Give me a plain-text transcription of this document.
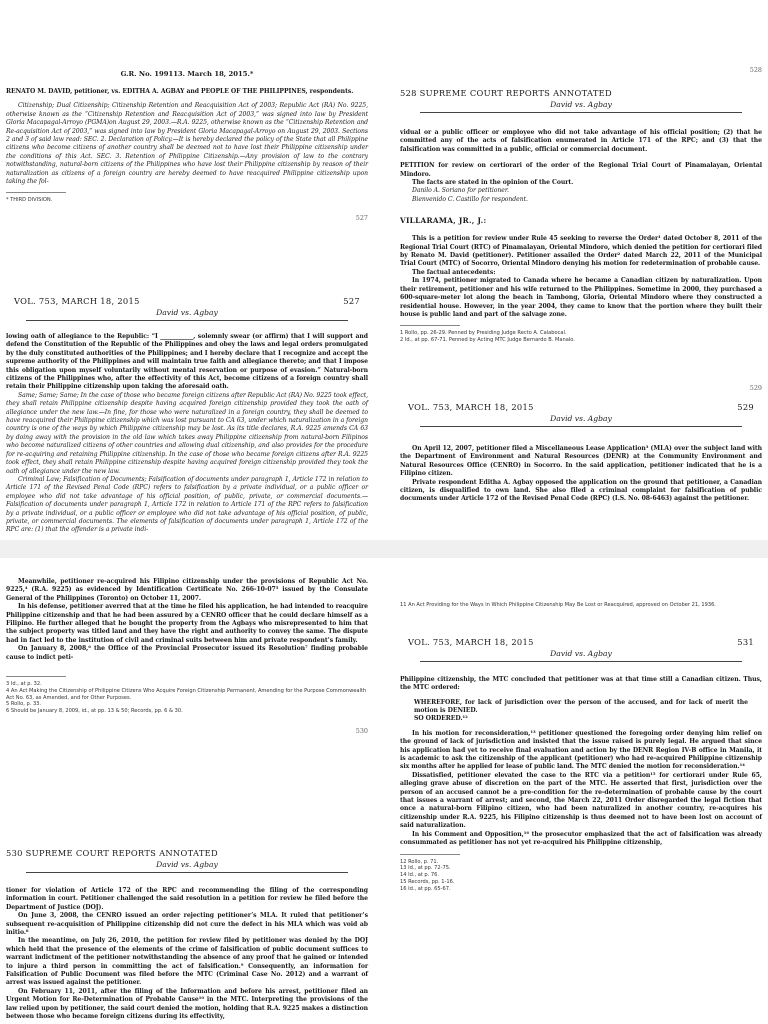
G.R. No. 199113. March 18, 2015.*

RENATO M. DAVID, petitioner, vs. EDITHA A. AGBAY and PEOPLE OF THE PHILIPPINES, respondents.

Citizenship; Dual Citizenship; Citizenship Retention and Reacquisition Act of 2003; Republic Act (RA) No. 9225, otherwise known as the “Citizenship Retention and Reacquisition Act of 2003,” was signed into law by President Gloria Macapagal-Arroyo (PGMA)on August 29, 2003.—R.A. 9225, otherwise known as the “Citizenship Retention and Re-acquisition Act of 2003,” was signed into law by President Gloria Macapagal-Arroyo on August 29, 2003. Sections 2 and 3 of said law read: SEC. 2. Declaration of Policy.—It is hereby declared the policy of the State that all Philippine citizens who become citizens of another country shall be deemed not to have lost their Philippine citizenship under the conditions of this Act. SEC. 3. Retention of Philippine Citizenship.—Any provision of law to the contrary notwithstanding, natural-born citizens of the Philippines who have lost their Philippine citizenship by reason of their naturalization as citizens of a foreign country are hereby deemed to have reacquired Philippine citizenship upon taking the fol-

* THIRD DIVISION.

527

VOL. 753, MARCH 18, 2015	527

David vs. Agbay

lowing oath of allegiance to the Republic: “I ___________, solemnly swear (or affirm) that I will support and defend the Constitution of the Republic of the Philippines and obey the laws and legal orders promulgated by the duly constituted authorities of the Philippines; and I hereby declare that I recognize and accept the supreme authority of the Philippines and will maintain true faith and allegiance thereto; and that I impose this obligation upon myself voluntarily without mental reservation or purpose of evasion.” Natural-born citizens of the Philippines who, after the effectivity of this Act, become citizens of a foreign country shall retain their Philippine citizenship upon taking the aforesaid oath.

Same; Same; Same; In the case of those who became foreign citizens after Republic Act (RA) No. 9225 took effect, they shall retain Philippine citizenship despite having acquired foreign citizenship provided they took the oath of allegiance under the new law.—In fine, for those who were naturalized in a foreign country, they shall be deemed to have reacquired their Philippine citizenship which was lost pursuant to CA 63, under which naturalization in a foreign country is one of the ways by which Philippine citizenship may be lost. As its title declares, R.A. 9225 amends CA 63 by doing away with the provision in the old law which takes away Philippine citizenship from natural-born Filipinos who become naturalized citizens of other countries and allowing dual citizenship, and also provides for the procedure for re-acquiring and retaining Philippine citizenship. In the case of those who became foreign citizens after R.A. 9225 took effect, they shall retain Philippine citizenship despite having acquired foreign citizenship provided they took the oath of allegiance under the new law.

Criminal Law; Falsification of Documents; Falsification of documents under paragraph 1, Article 172 in relation to Article 171 of the Revised Penal Code (RPC) refers to falsification by a private individual, or a public officer or employee who did not take advantage of his official position, of public, private, or commercial documents.—Falsification of documents under paragraph 1, Article 172 in relation to Article 171 of the RPC refers to falsification by a private individual, or a public officer or employee who did not take advantage of his official position, of public, private, or commercial documents. The elements of falsification of documents under paragraph 1, Article 172 of the RPC are: (1) that the offender is a private indi-

528

528 SUPREME COURT REPORTS ANNOTATED

David vs. Agbay

vidual or a public officer or employee who did not take advantage of his official position; (2) that he committed any of the acts of falsification enumerated in Article 171 of the RPC; and (3) that the falsification was committed in a public, official or commercial document.

PETITION for review on certiorari of the order of the Regional Trial Court of Pinamalayan, Oriental Mindoro.

The facts are stated in the opinion of the Court.

Danilo A. Soriano for petitioner.

Bienvenido C. Castillo for respondent.

VILLARAMA, JR., J.:

This is a petition for review under Rule 45 seeking to reverse the Order¹ dated October 8, 2011 of the Regional Trial Court (RTC) of Pinamalayan, Oriental Mindoro, which denied the petition for certiorari filed by Renato M. David (petitioner). Petitioner assailed the Order² dated March 22, 2011 of the Municipal Trial Court (MTC) of Socorro, Oriental Mindoro denying his motion for redetermination of probable cause.

The factual antecedents:

In 1974, petitioner migrated to Canada where he became a Canadian citizen by naturalization. Upon their retirement, petitioner and his wife returned to the Philippines. Sometime in 2000, they purchased a 600-square-meter lot along the beach in Tambong, Gloria, Oriental Mindoro where they constructed a residential house. However, in the year 2004, they came to know that the portion where they built their house is public land and part of the salvage zone.

1 Rollo, pp. 26-29. Penned by Presiding Judge Recto A. Calabocal.

2 Id., at pp. 67-71. Penned by Acting MTC Judge Bernardo B. Manalo.

529

VOL. 753, MARCH 18, 2015	529

David vs. Agbay

On April 12, 2007, petitioner filed a Miscellaneous Lease Application³ (MLA) over the subject land with the Department of Environment and Natural Resources (DENR) at the Community Environment and Natural Resources Office (CENRO) in Socorro. In the said application, petitioner indicated that he is a Filipino citizen.

Private respondent Editha A. Agbay opposed the application on the ground that petitioner, a Canadian citizen, is disqualified to own land. She also filed a criminal complaint for falsification of public documents under Article 172 of the Revised Penal Code (RPC) (I.S. No. 08-6463) against the petitioner.

Meanwhile, petitioner re-acquired his Filipino citizenship under the provisions of Republic Act No. 9225,⁴ (R.A. 9225) as evidenced by Identification Certificate No. 266-10-07⁵ issued by the Consulate General of the Philippines (Toronto) on October 11, 2007.

In his defense, petitioner averred that at the time he filed his application, he had intended to reacquire Philippine citizenship and that he had been assured by a CENRO officer that he could declare himself as a Filipino. He further alleged that he bought the property from the Agbays who misrepresented to him that the subject property was titled land and they have the right and authority to convey the same. The dispute had in fact led to the institution of civil and criminal suits between him and private respondent’s family.

On January 8, 2008,⁶ the Office of the Provincial Prosecutor issued its Resolution⁷ finding probable cause to indict peti-

3 Id., at p. 32.

4 An Act Making the Citizenship of Philippine Citizens Who Acquire Foreign Citizenship Permanent, Amending for the Purpose Commonwealth Act No. 63, as Amended, and for Other Purposes.

5 Rollo, p. 33.

6 Should be January 8, 2009, id., at pp. 13 & 50; Records, pp. 6 & 30.

530

530 SUPREME COURT REPORTS ANNOTATED

David vs. Agbay

tioner for violation of Article 172 of the RPC and recommending the filing of the corresponding information in court. Petitioner challenged the said resolution in a petition for review he filed before the Department of Justice (DOJ).

On June 3, 2008, the CENRO issued an order rejecting petitioner’s MLA. It ruled that petitioner’s subsequent re-acquisition of Philippine citizenship did not cure the defect in his MLA which was void ab initio.⁸

In the meantime, on July 26, 2010, the petition for review filed by petitioner was denied by the DOJ which held that the presence of the elements of the crime of falsification of public document suffices to warrant indictment of the petitioner notwithstanding the absence of any proof that he gained or intended to injure a third person in committing the act of falsification.⁹ Consequently, an information for Falsification of Public Document was filed before the MTC (Criminal Case No. 2012) and a warrant of arrest was issued against the petitioner.

On February 11, 2011, after the filing of the Information and before his arrest, petitioner filed an Urgent Motion for Re-Determination of Probable Cause¹⁰ in the MTC. Interpreting the provisions of the law relied upon by petitioner, the said court denied the motion, holding that R.A. 9225 makes a distinction between those who became foreign citizens during its effectivity,

11 An Act Providing for the Ways in Which Philippine Citizenship May Be Lost or Reacquired, approved on October 21, 1936.

VOL. 753, MARCH 18, 2015	531

David vs. Agbay

Philippine citizenship, the MTC concluded that petitioner was at that time still a Canadian citizen. Thus, the MTC ordered:

WHEREFORE, for lack of jurisdiction over the person of the accused, and for lack of merit the motion is DENIED.

SO ORDERED.¹²

In his motion for reconsideration,¹³ petitioner questioned the foregoing order denying him relief on the ground of lack of jurisdiction and insisted that the issue raised is purely legal. He argued that since his application had yet to receive final evaluation and action by the DENR Region IV-B office in Manila, it is academic to ask the citizenship of the applicant (petitioner) who had re-acquired Philippine citizenship six months after he applied for lease of public land. The MTC denied the motion for reconsideration.¹⁴

Dissatisfied, petitioner elevated the case to the RTC via a petition¹⁵ for certiorari under Rule 65, alleging grave abuse of discretion on the part of the MTC. He asserted that first, jurisdiction over the person of an accused cannot be a pre-condition for the re-determination of probable cause by the court that issues a warrant of arrest; and second, the March 22, 2011 Order disregarded the legal fiction that once a natural-born Filipino citizen, who had been naturalized in another country, re-acquires his citizenship under R.A. 9225, his Filipino citizenship is thus deemed not to have been lost on account of said naturalization.

In his Comment and Opposition,¹⁶ the prosecutor emphasized that the act of falsification was already consummated as petitioner has not yet re-acquired his Philippine citizenship,

12 Rollo, p. 71.

13 Id., at pp. 72-75.

14 Id., at p. 76.

15 Records, pp. 1-16.

16 Id., at pp. 65-67.
